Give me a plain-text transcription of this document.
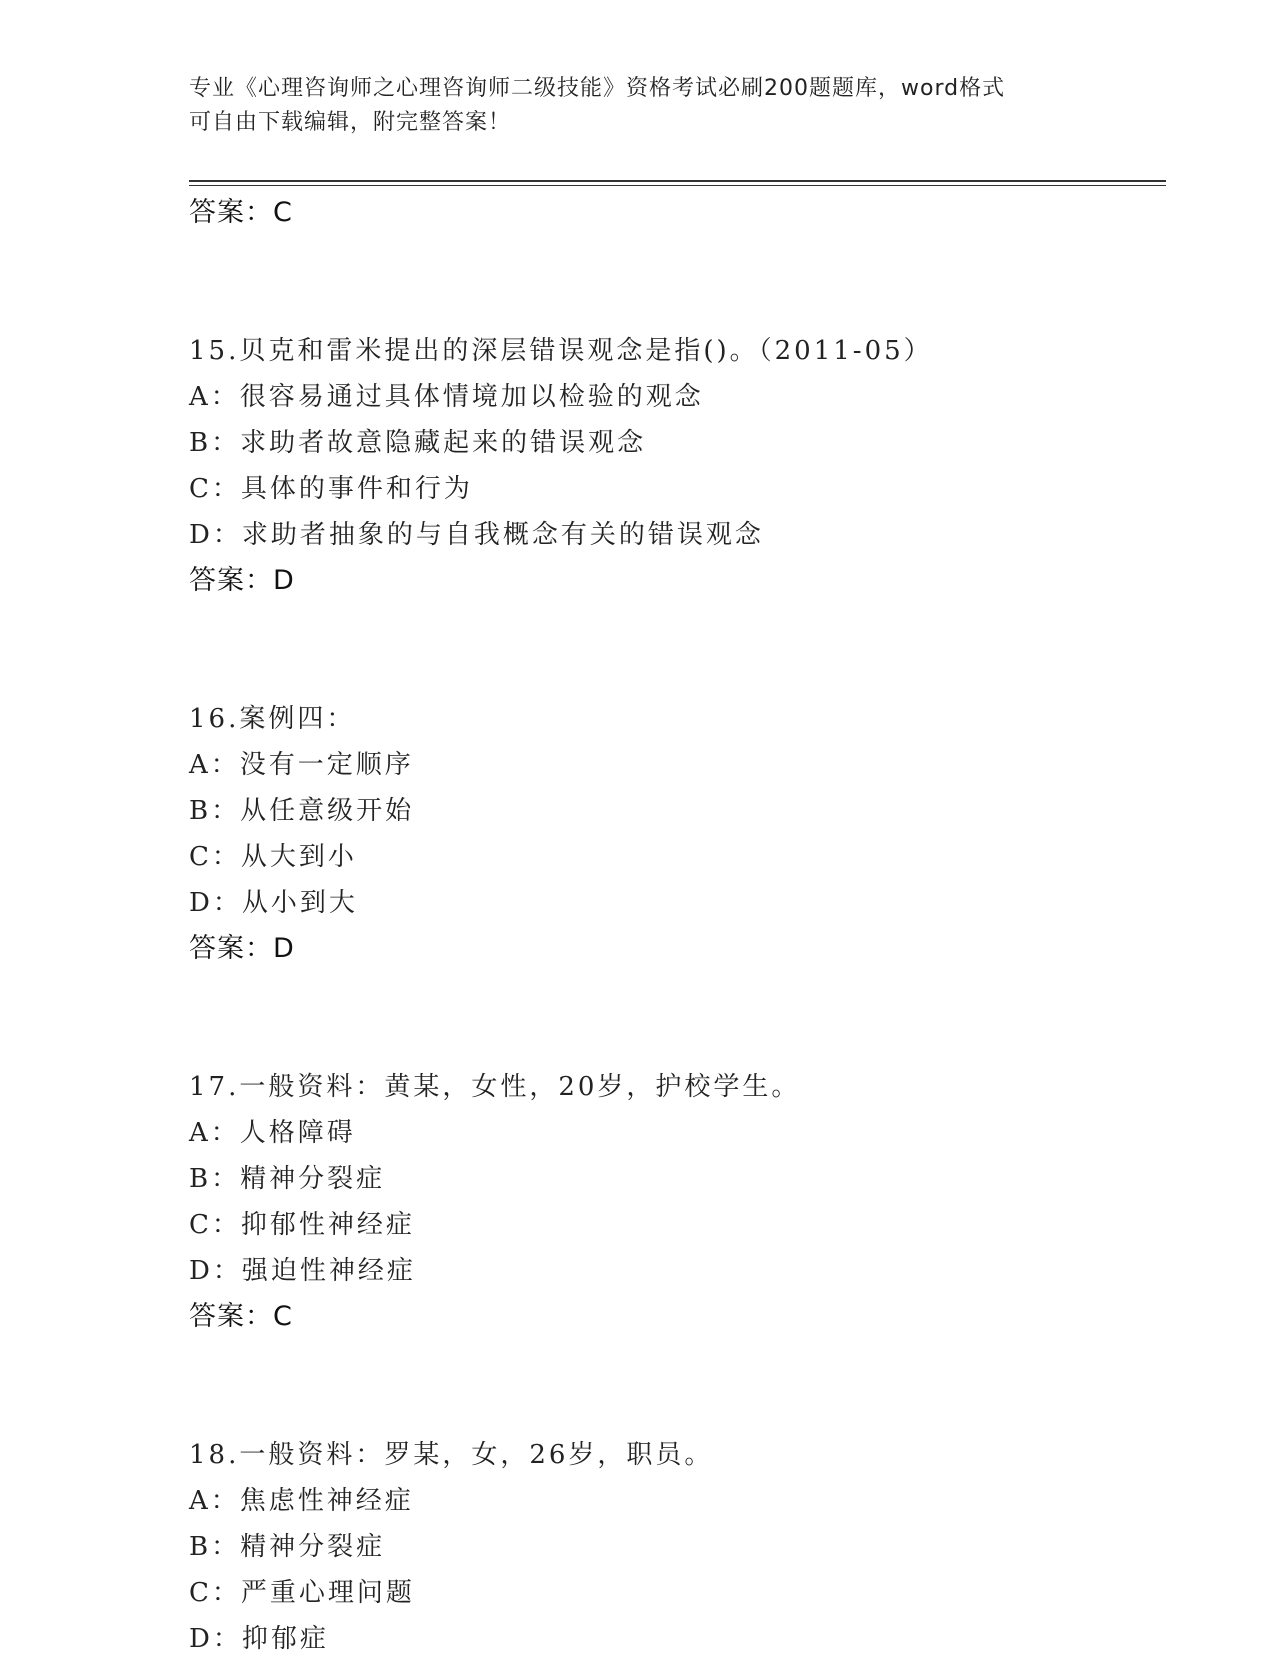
专业《心理咨询师之心理咨询师二级技能》资格考试必刷200题题库，word格式
可自由下载编辑，附完整答案！
答案：C
15.贝克和雷米提出的深层错误观念是指()。（2011-05）
A：很容易通过具体情境加以检验的观念
B：求助者故意隐藏起来的错误观念
C：具体的事件和行为
D：求助者抽象的与自我概念有关的错误观念
答案：D
16.案例四：
A：没有一定顺序
B：从任意级开始
C：从大到小
D：从小到大
答案：D
17.一般资料：黄某，女性，20岁，护校学生。
A：人格障碍
B：精神分裂症
C：抑郁性神经症
D：强迫性神经症
答案：C
18.一般资料：罗某，女，26岁，职员。
A：焦虑性神经症
B：精神分裂症
C：严重心理问题
D：抑郁症
